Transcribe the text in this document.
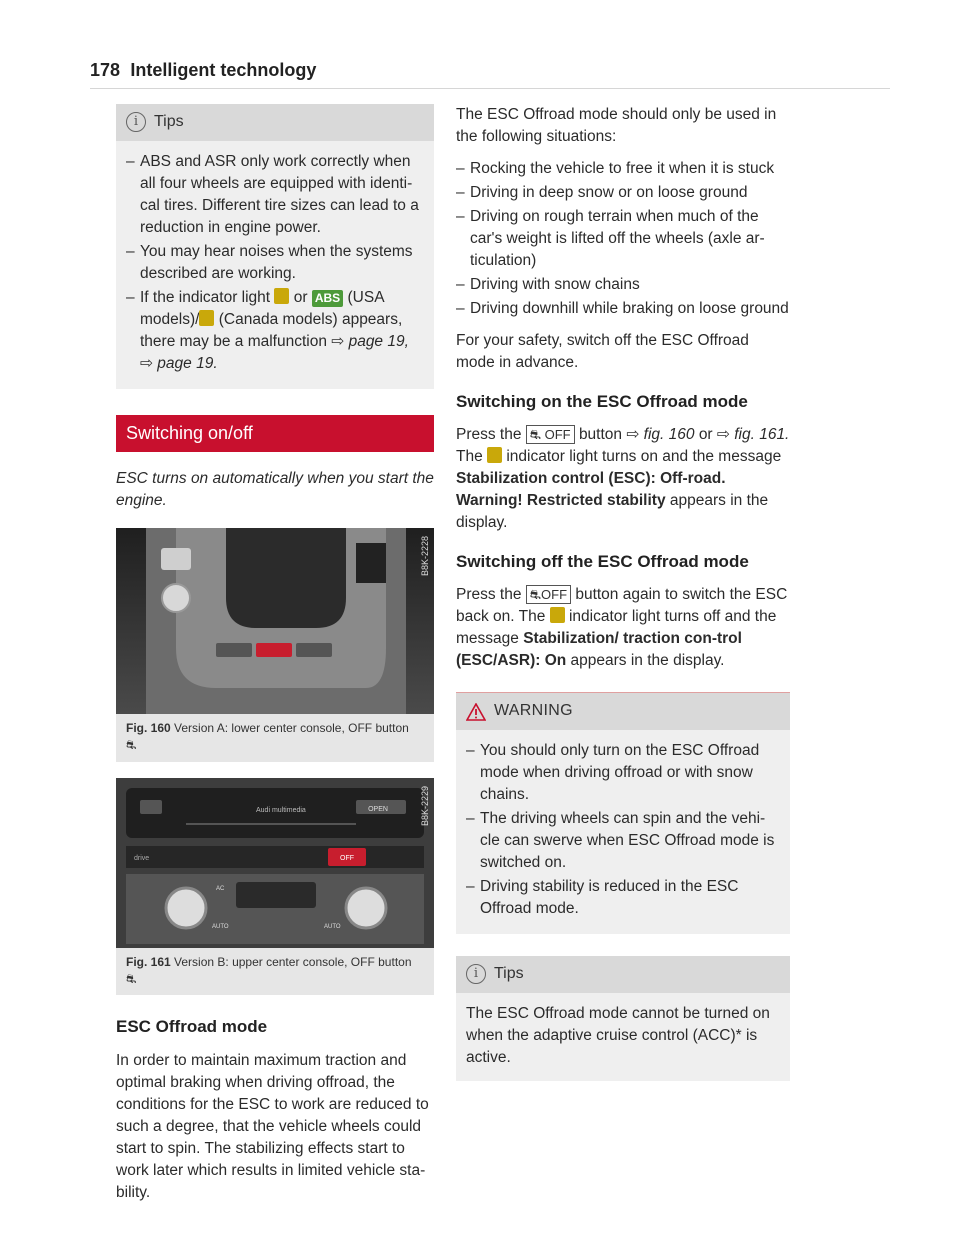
178 Intelligent technology
i Tips
– ABS and ASR only work correctly when all four wheels are equipped with identi-cal tires. Different tire sizes can lead to a reduction in engine power.
– You may hear noises when the systems described are working.
– If the indicator light or ABS (USA models)/ (Canada models) appears, there may be a malfunction ⇨ page 19, ⇨ page 19.
Switching on/off

ESC turns on automatically when you start the engine.

B8K-2228
Fig. 160 Version A: lower center console, OFF button
⛐
OPEN
Audi multimedia
drive	OFF
AC
AUTO	AUTO
B8K-2229
Fig. 161 Version B: upper center console, OFF button
⛐
ESC Offroad mode

In order to maintain maximum traction and optimal braking when driving offroad, the conditions for the ESC to work are reduced to such a degree, that the vehicle wheels could start to spin. The stabilizing effects start to work later which results in limited vehicle sta-bility.

The ESC Offroad mode should only be used in the following situations:

– Rocking the vehicle to free it when it is stuck
– Driving in deep snow or on loose ground
– Driving on rough terrain when much of the car's weight is lifted off the wheels (axle ar-ticulation)
– Driving with snow chains
– Driving downhill while braking on loose ground

For your safety, switch off the ESC Offroad mode in advance.

Switching on the ESC Offroad mode

Press the ⛐ OFF button ⇨ fig. 160 or ⇨ fig. 161. The indicator light turns on and the message Stabilization control (ESC): Off-road. Warning! Restricted stability appears in the display.

Switching off the ESC Offroad mode

Press the ⛐OFF button again to switch the ESC back on. The indicator light turns off and the message Stabilization/ traction con-trol (ESC/ASR): On appears in the display.

WARNING
– You should only turn on the ESC Offroad mode when driving offroad or with snow chains.
– The driving wheels can spin and the vehi-cle can swerve when ESC Offroad mode is switched on.
– Driving stability is reduced in the ESC Offroad mode.
i Tips

The ESC Offroad mode cannot be turned on when the adaptive cruise control (ACC)* is active.
